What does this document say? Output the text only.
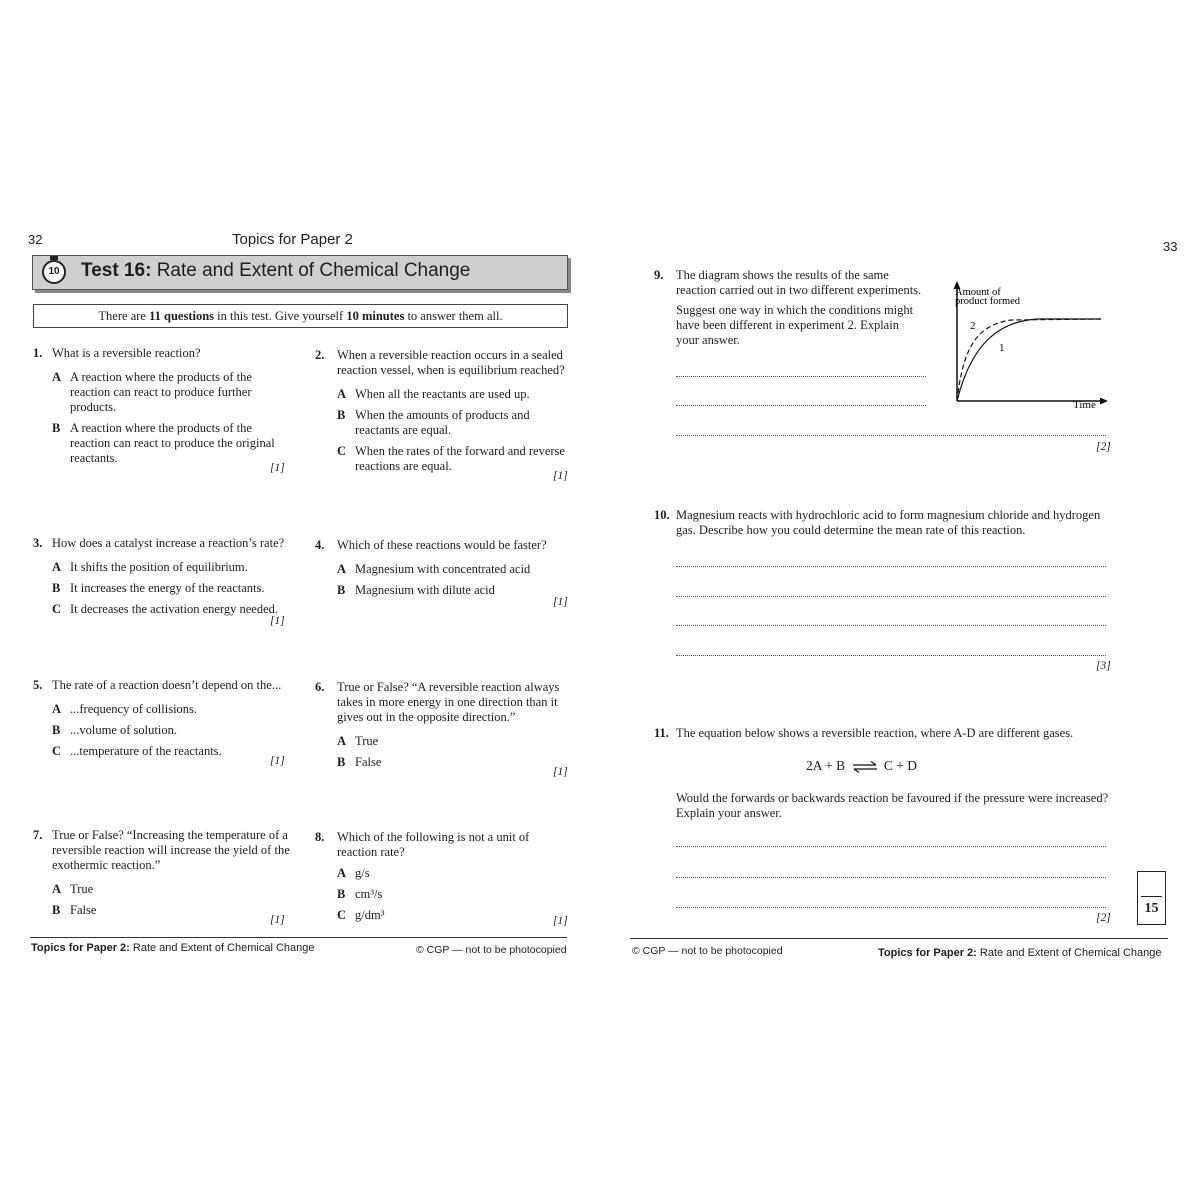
32	Topics for Paper 2
10	Test 16: Rate and Extent of Chemical Change
There are 11 questions in this test. Give yourself 10 minutes to answer them all.
1. What is a reversible reaction?
A A reaction where the products of the reaction can react to produce further products.
B A reaction where the products of the reaction can react to produce the original reactants.
[1]
2. When a reversible reaction occurs in a sealed reaction vessel, when is equilibrium reached?
A When all the reactants are used up.
B When the amounts of products and reactants are equal.
C When the rates of the forward and reverse reactions are equal.
[1]
3. How does a catalyst increase a reaction’s rate?
A It shifts the position of equilibrium.
B It increases the energy of the reactants.
C It decreases the activation energy needed.
[1]
4. Which of these reactions would be faster?
A Magnesium with concentrated acid
B Magnesium with dilute acid
[1]
5. The rate of a reaction doesn’t depend on the...
A ...frequency of collisions.
B ...volume of solution.
C ...temperature of the reactants.
[1]
6. True or False? “A reversible reaction always takes in more energy in one direction than it gives out in the opposite direction.”
A True
B False
[1]
7. True or False? “Increasing the temperature of a reversible reaction will increase the yield of the exothermic reaction.”
A True
B False
[1]
8. Which of the following is not a unit of reaction rate?
A g/s
B cm³/s
C g/dm³	[1]
Topics for Paper 2: Rate and Extent of Chemical Change	© CGP — not to be photocopied
33
9. The diagram shows the results of the same reaction carried out in two different experiments.
Suggest one way in which the conditions might have been different in experiment 2. Explain your answer.
[2]
2
1
Time
Amount of
product formed
10. Magnesium reacts with hydrochloric acid to form magnesium chloride and hydrogen gas. Describe how you could determine the mean rate of this reaction.
[3]
11. The equation below shows a reversible reaction, where A-D are different gases.
2A + B ⇌ C + D
Would the forwards or backwards reaction be favoured if the pressure were increased? Explain your answer.
[2]
15
© CGP — not to be photocopied	Topics for Paper 2: Rate and Extent of Chemical Change
